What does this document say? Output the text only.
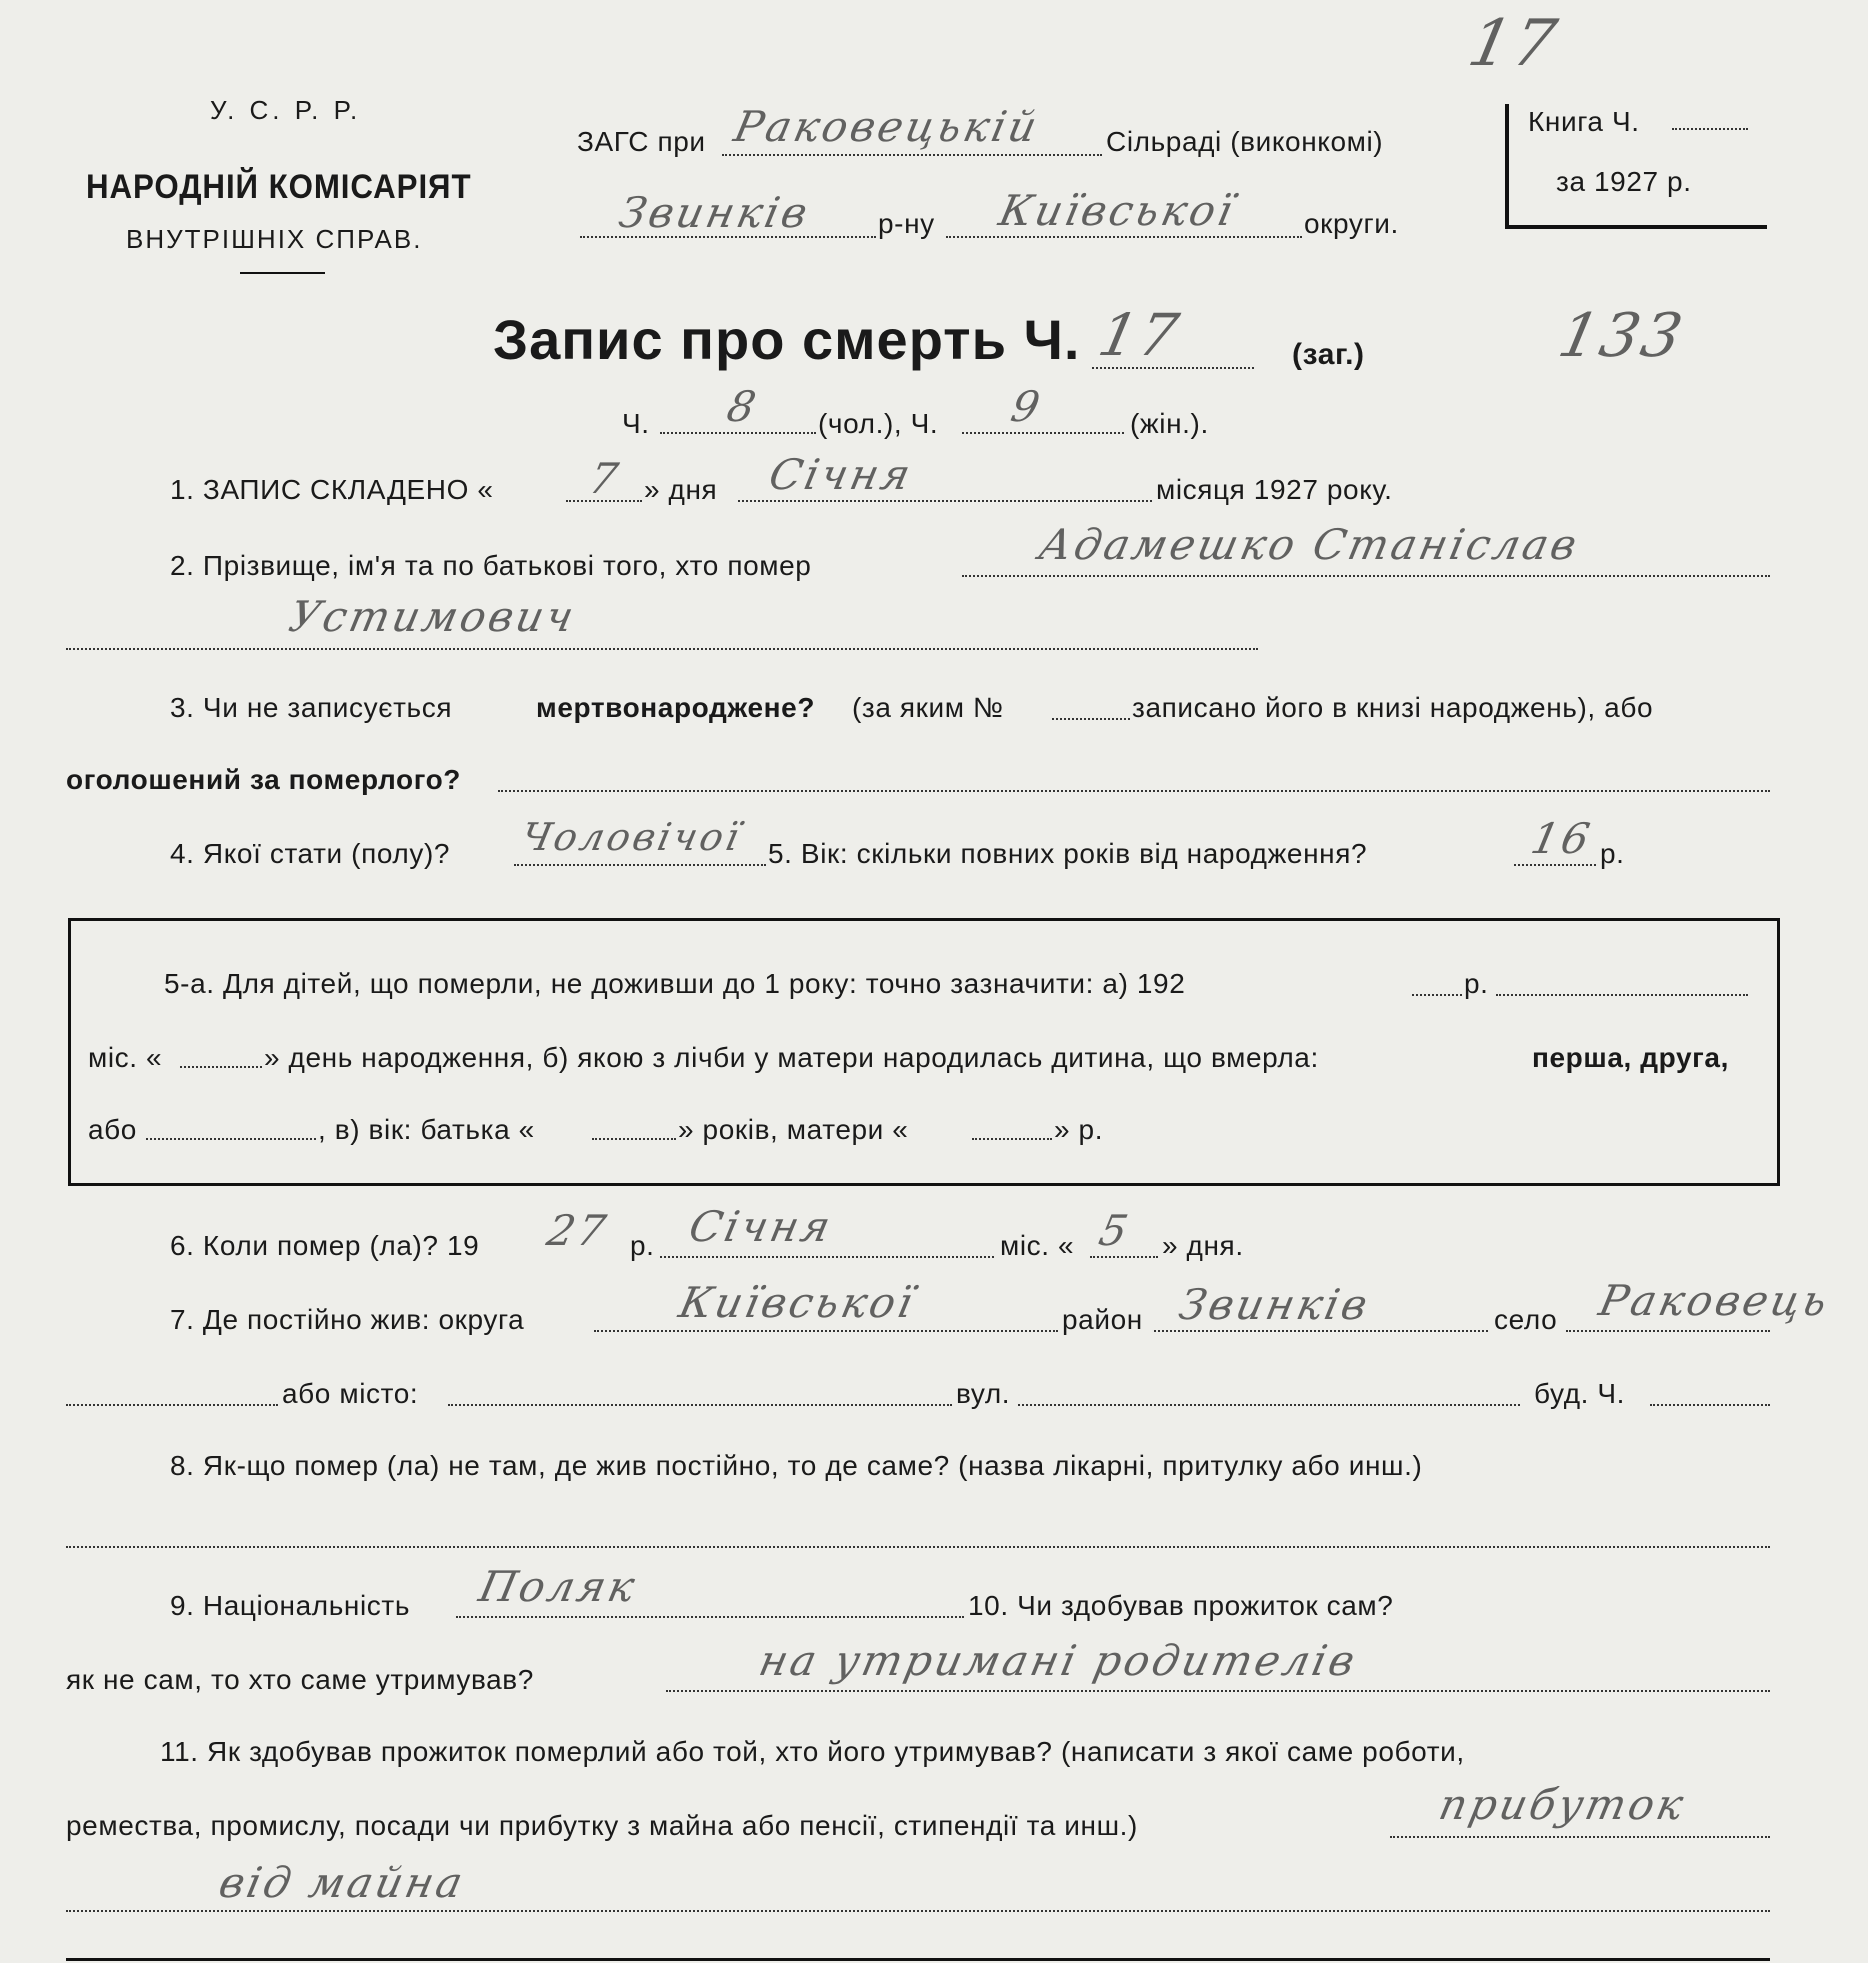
У. С. Р. Р.
НАРОДНІЙ КОМІСАРІЯТ
ВНУТРІШНІХ СПРАВ.
ЗАГС при Раковецькій Сільраді (виконкомі)
Звинків р-ну Київської округи.
17
Книга Ч.
за 1927 р.
Запис про смерть Ч. 17	(заг.)	133
Ч. 8 (чол.), Ч. 9	(жін.).
1. ЗАПИС СКЛАДЕНО « 7 » дня Січня	місяця 1927 року.
2. Прізвище, ім'я та по батькові того, хто помер	Адамешко Станіслав
Устимович
3. Чи не записується	мертвонароджене? (за яким №	записано його в книзі народжень), або
оголошений за померлого?
4. Якої стати (полу)? Чоловічої 5. Вік: скільки повних років від народження?	16 р.
5-а. Для дітей, що померли, не доживши до 1 року: точно зазначити: а) 192	р.
міс. «	» день народження, б) якою з лічби у матери народилась дитина, що вмерла:	перша, друга,
або	, в) вік: батька «	» років, матери «	» р.
6. Коли помер (ла)? 19 27 р. Січня	міс. « 5 » дня.
7. Де постійно жив: округа	Київської	район Звинків	село Раковець
або місто:	вул.	буд. Ч.
8. Як-що помер (ла) не там, де жив постійно, то де саме? (назва лікарні, притулку або инш.)
9. Національність Поляк	10. Чи здобував прожиток сам?
як не сам, то хто саме утримував?	на утримані родителів
11. Як здобував прожиток померлий або той, хто його утримував? (написати з якої саме роботи,
ремества, промислу, посади чи прибутку з майна або пенсії, стипендії та инш.)	прибуток
від майна
